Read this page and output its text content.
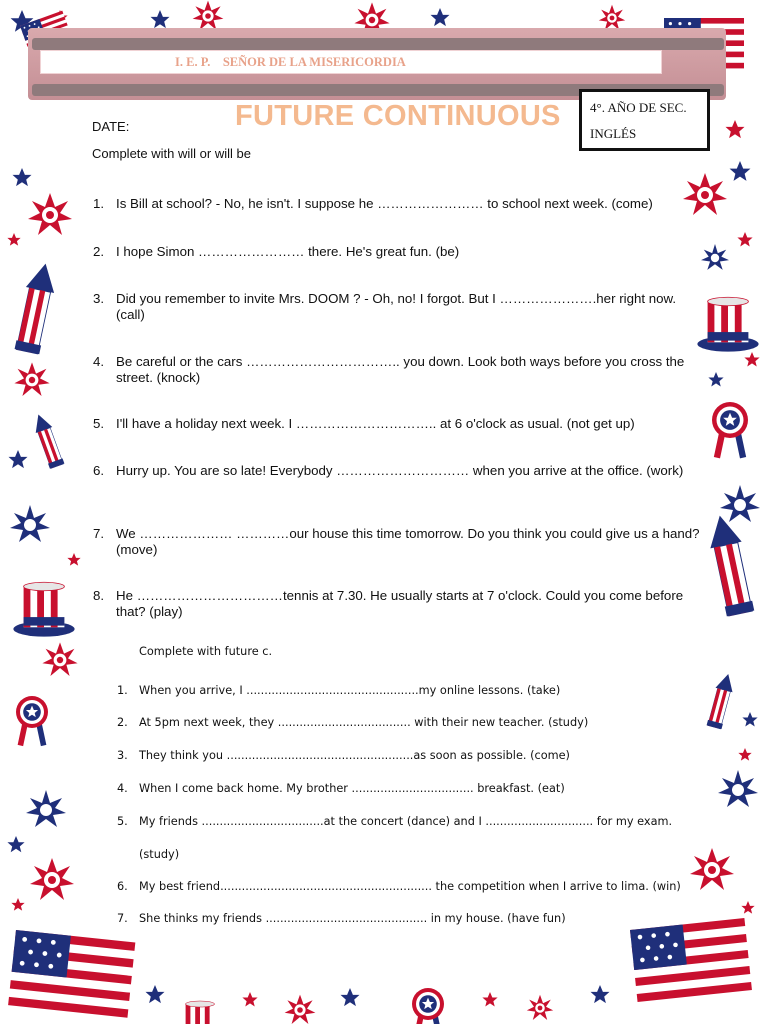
I. E. P.    SEÑOR DE LA MISERICORDIA
FUTURE CONTINUOUS
DATE:
4°. AÑO DE SEC.
INGLÉS
Complete with will or will be
1. Is Bill at school? - No, he isn't. I suppose he …………………… to school next week. (come)
2. I hope Simon …………………… there. He's great fun. (be)
3. Did you remember to invite Mrs. DOOM ? - Oh, no! I forgot. But I ………………….her right now. (call)
4. Be careful or the cars …………………………….. you down. Look both ways before you cross the street. (knock)
5. I'll have a holiday next week. I ………………………….. at 6 o'clock as usual. (not get up)
6. Hurry up. You are so late! Everybody ………………………… when you arrive at the office. (work)
7. We ………………… …………our house this time tomorrow. Do you think you could give us a hand? (move)
8. He ……………………………tennis at 7.30. He usually starts at 7 o'clock. Could you come before that? (play)
Complete with future c.
1. When you arrive, I ................................................my online lessons. (take)
2. At 5pm next week, they ..................................... with their new teacher. (study)
3. They think you ....................................................as soon as possible. (come)
4. When I come back home. My brother .................................. breakfast. (eat)
5. My friends ..................................at the concert (dance) and I .............................. for my exam.
(study)
6. My best friend........................................................... the competition when I arrive to lima. (win)
7. She thinks my friends ............................................. in my house. (have fun)
